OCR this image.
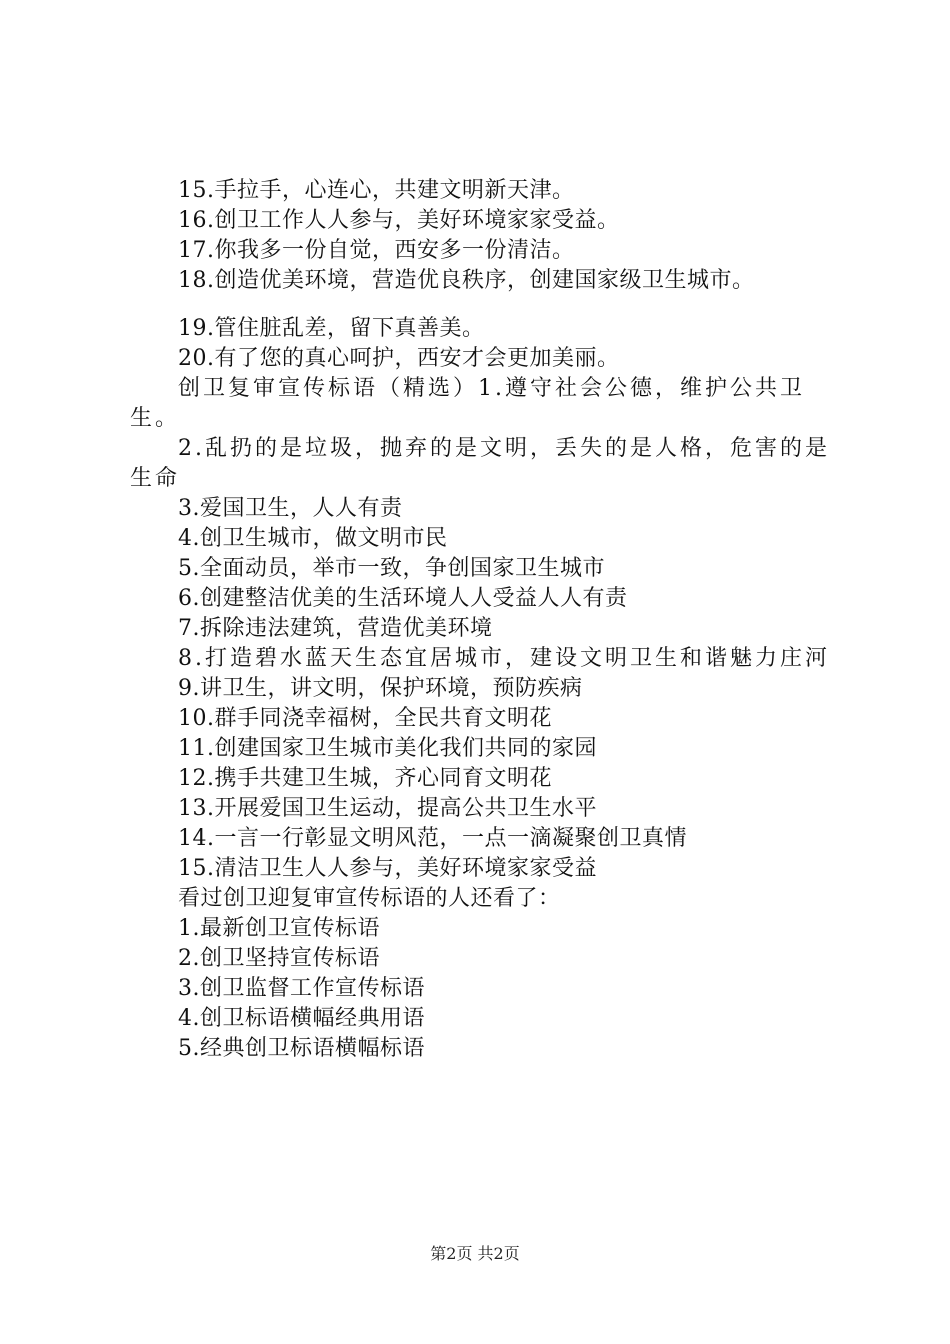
15.手拉手，心连心，共建文明新天津。
16.创卫工作人人参与，美好环境家家受益。
17.你我多一份自觉，西安多一份清洁。
18.创造优美环境，营造优良秩序，创建国家级卫生城市。
19.管住脏乱差，留下真善美。
20.有了您的真心呵护，西安才会更加美丽。

创卫复审宣传标语（精选）1.遵守社会公德，维护公共卫生。

2.乱扔的是垃圾，抛弃的是文明，丢失的是人格，危害的是生命

3.爱国卫生，人人有责
4.创卫生城市，做文明市民
5.全面动员，举市一致，争创国家卫生城市
6.创建整洁优美的生活环境人人受益人人有责
7.拆除违法建筑，营造优美环境

8.打造碧水蓝天生态宜居城市，建设文明卫生和谐魅力庄河

9.讲卫生，讲文明，保护环境，预防疾病
10.群手同浇幸福树，全民共育文明花
11.创建国家卫生城市美化我们共同的家园
12.携手共建卫生城，齐心同育文明花
13.开展爱国卫生运动，提高公共卫生水平
14.一言一行彰显文明风范，一点一滴凝聚创卫真情
15.清洁卫生人人参与，美好环境家家受益
看过创卫迎复审宣传标语的人还看了：
1.最新创卫宣传标语
2.创卫坚持宣传标语
3.创卫监督工作宣传标语
4.创卫标语横幅经典用语
5.经典创卫标语横幅标语
第2页 共2页
